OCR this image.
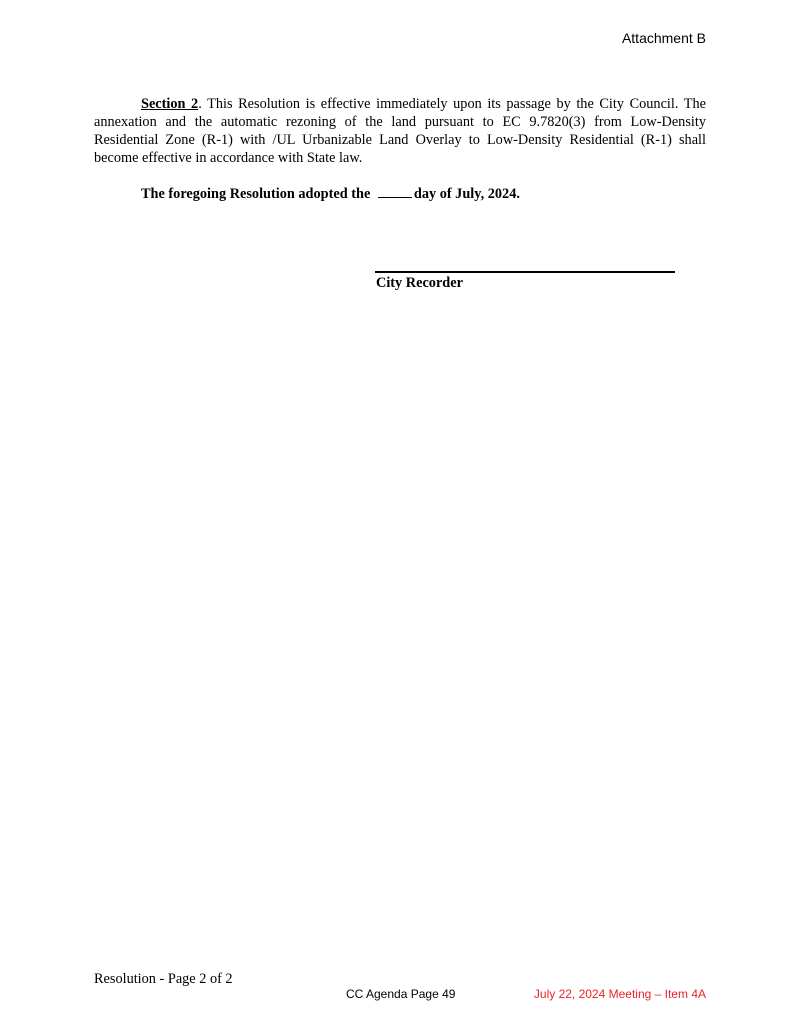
Attachment B

Section 2. This Resolution is effective immediately upon its passage by the City Council. The annexation and the automatic rezoning of the land pursuant to EC 9.7820(3) from Low-Density Residential Zone (R-1) with /UL Urbanizable Land Overlay to Low-Density Residential (R-1) shall become effective in accordance with State law.

The foregoing Resolution adopted the	day of July, 2024.
City Recorder
Resolution - Page 2 of 2
CC Agenda Page 49	July 22, 2024 Meeting – Item 4A
